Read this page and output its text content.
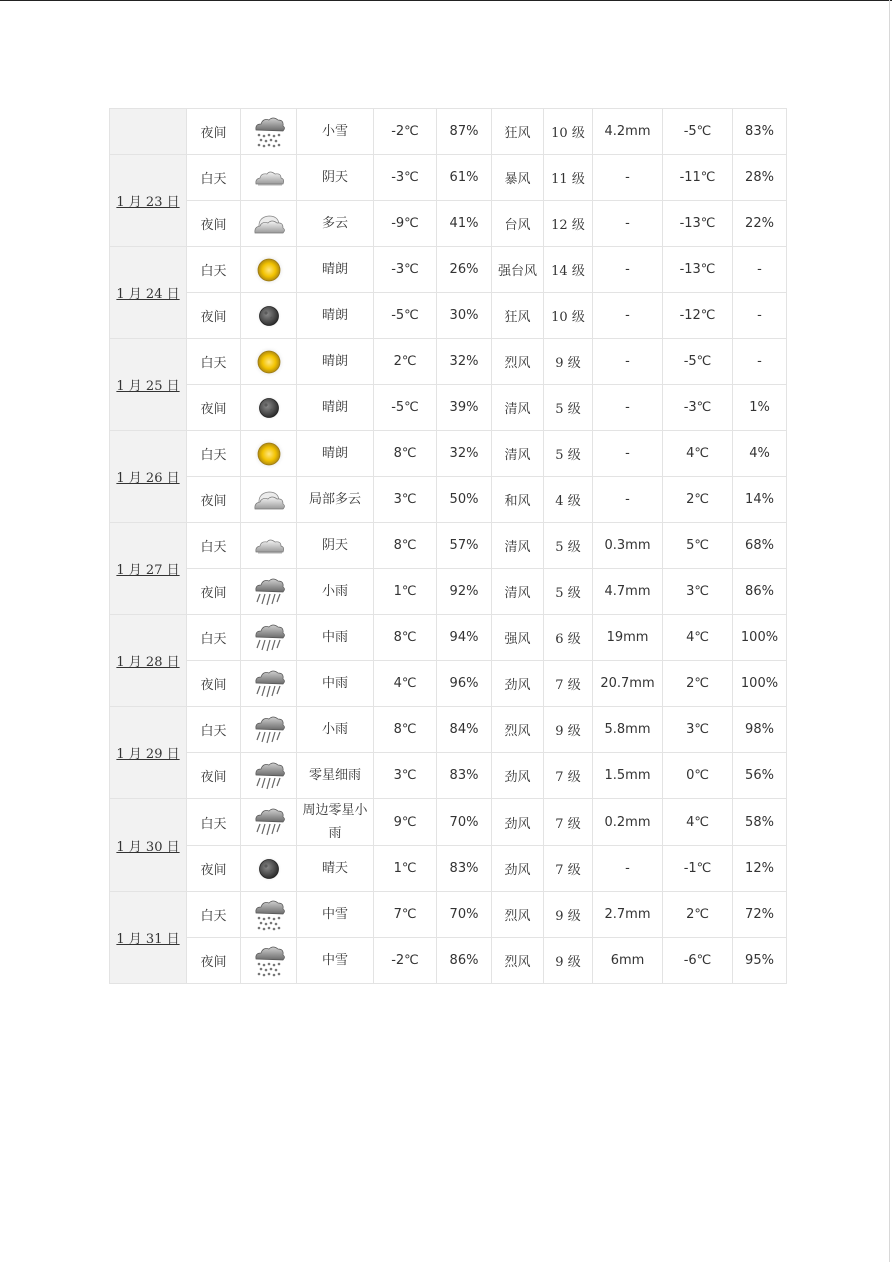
	夜间		小雪	-2℃	87%	狂风	10 级	4.2mm	-5℃	83%
1 月 23 日	白天		阴天	-3℃	61%	暴风	11 级	-	-11℃	28%
	夜间		多云	-9℃	41%	台风	12 级	-	-13℃	22%
1 月 24 日	白天		晴朗	-3℃	26%	强台风	14 级	-	-13℃	-
	夜间		晴朗	-5℃	30%	狂风	10 级	-	-12℃	-
1 月 25 日	白天		晴朗	2℃	32%	烈风	9 级	-	-5℃	-
	夜间		晴朗	-5℃	39%	清风	5 级	-	-3℃	1%
1 月 26 日	白天		晴朗	8℃	32%	清风	5 级	-	4℃	4%
	夜间		局部多云	3℃	50%	和风	4 级	-	2℃	14%
1 月 27 日	白天		阴天	8℃	57%	清风	5 级	0.3mm	5℃	68%
	夜间		小雨	1℃	92%	清风	5 级	4.7mm	3℃	86%
1 月 28 日	白天		中雨	8℃	94%	强风	6 级	19mm	4℃	100%
	夜间		中雨	4℃	96%	劲风	7 级	20.7mm	2℃	100%
1 月 29 日	白天		小雨	8℃	84%	烈风	9 级	5.8mm	3℃	98%
	夜间		零星细雨	3℃	83%	劲风	7 级	1.5mm	0℃	56%
1 月 30 日	白天		周边零星小雨	9℃	70%	劲风	7 级	0.2mm	4℃	58%
	夜间		晴天	1℃	83%	劲风	7 级	-	-1℃	12%
1 月 31 日	白天		中雪	7℃	70%	烈风	9 级	2.7mm	2℃	72%
	夜间		中雪	-2℃	86%	烈风	9 级	6mm	-6℃	95%
